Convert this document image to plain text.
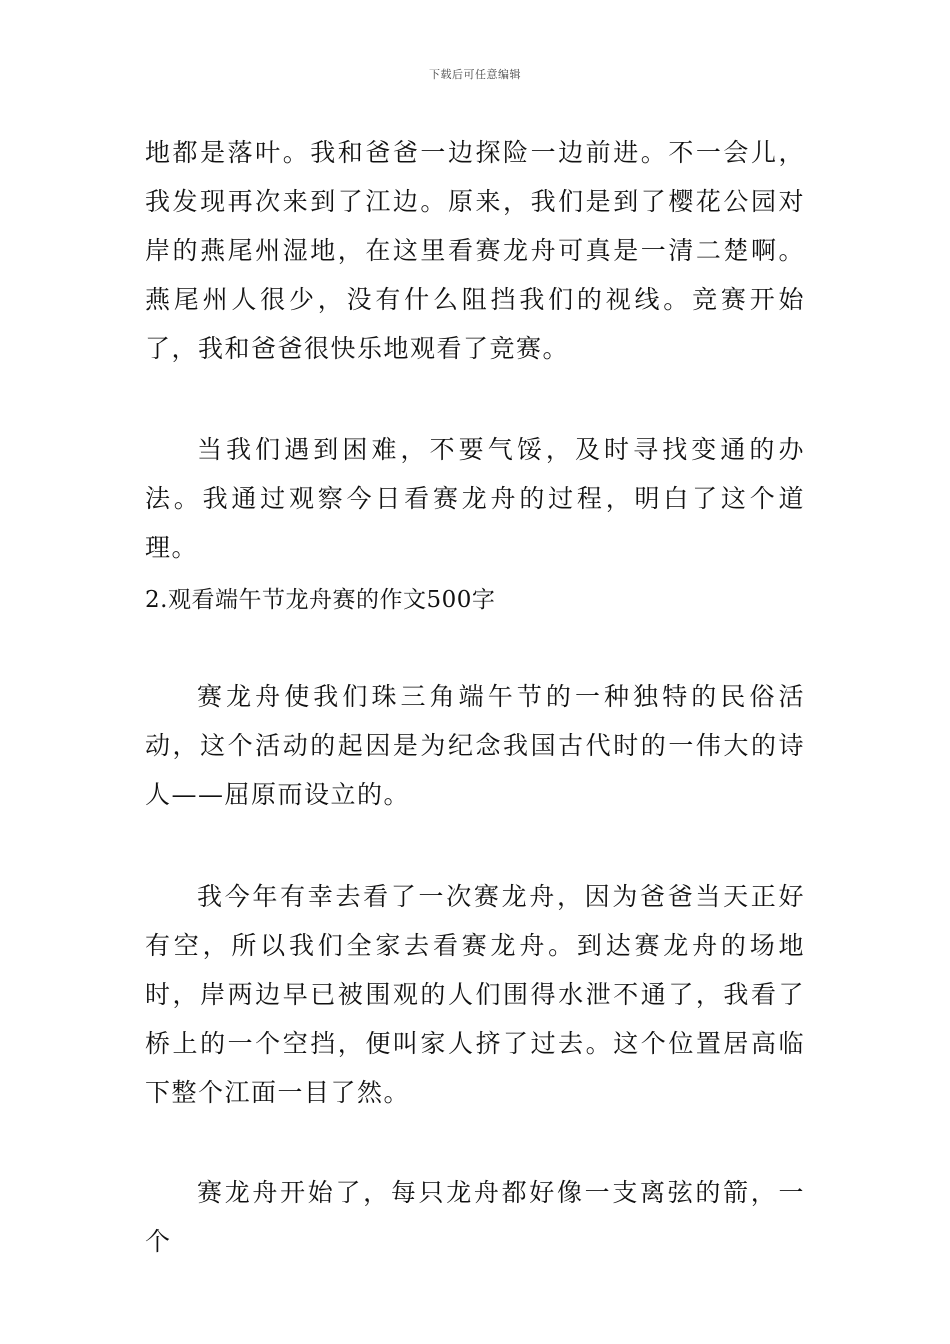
下载后可任意编辑

地都是落叶。我和爸爸一边探险一边前进。不一会儿，我发现再次来到了江边。原来，我们是到了樱花公园对岸的燕尾州湿地，在这里看赛龙舟可真是一清二楚啊。燕尾州人很少，没有什么阻挡我们的视线。竞赛开始了，我和爸爸很快乐地观看了竞赛。

当我们遇到困难，不要气馁，及时寻找变通的办法。我通过观察今日看赛龙舟的过程，明白了这个道理。

2.观看端午节龙舟赛的作文500字

赛龙舟使我们珠三角端午节的一种独特的民俗活动，这个活动的起因是为纪念我国古代时的一伟大的诗人——屈原而设立的。

我今年有幸去看了一次赛龙舟，因为爸爸当天正好有空，所以我们全家去看赛龙舟。到达赛龙舟的场地时，岸两边早已被围观的人们围得水泄不通了，我看了桥上的一个空挡，便叫家人挤了过去。这个位置居高临下整个江面一目了然。

赛龙舟开始了，每只龙舟都好像一支离弦的箭，一个
